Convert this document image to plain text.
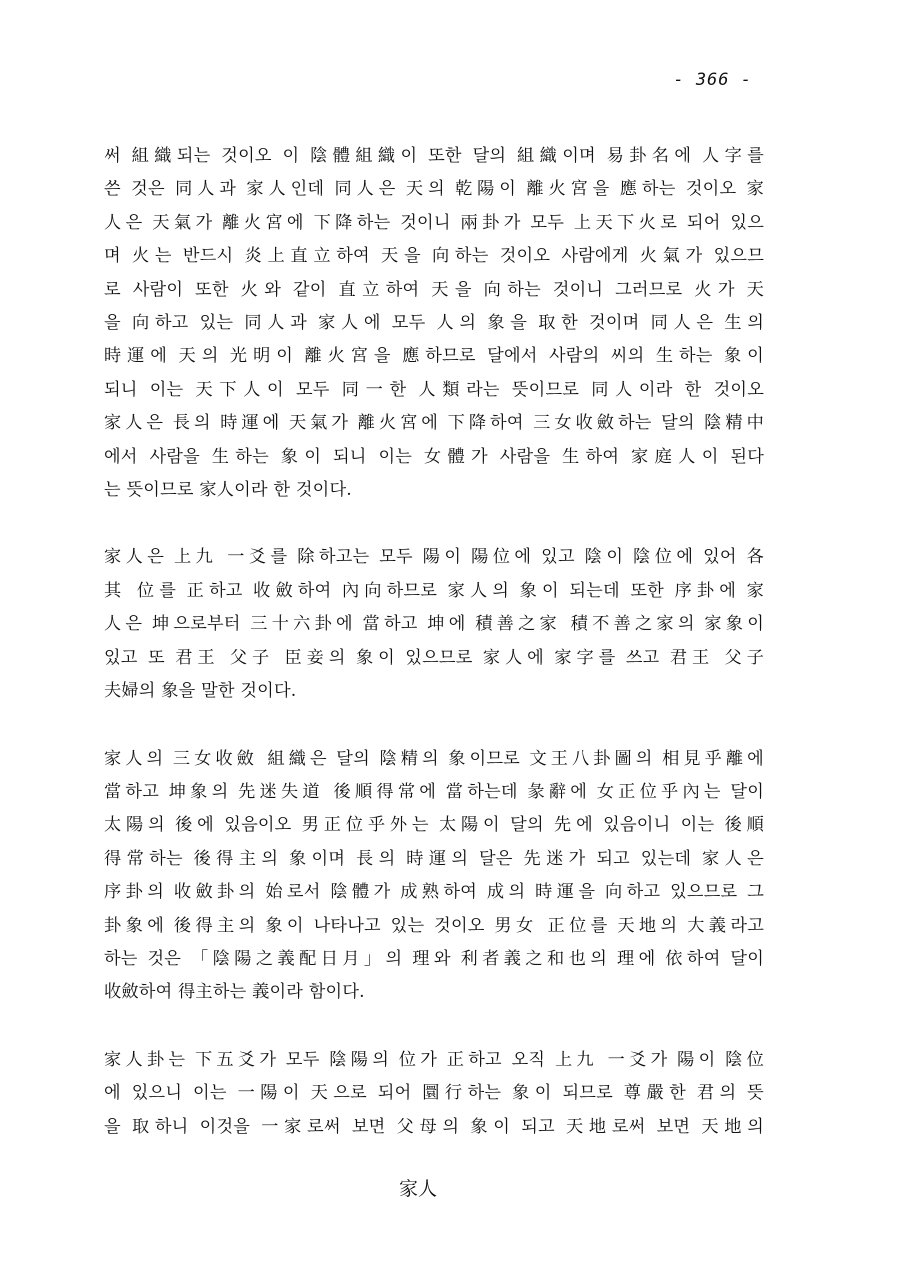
- 366 -

써 組織되는 것이오 이 陰體組織이 또한 달의 組織이며 易卦名에 人字를
쓴 것은 同人과 家人인데 同人은 天의 乾陽이 離火宮을 應하는 것이오 家
人은 天氣가 離火宮에 下降하는 것이니 兩卦가 모두 上天下火로 되어 있으
며 火는 반드시 炎上直立하여 天을 向하는 것이오 사람에게 火氣가 있으므
로 사람이 또한 火와 같이 直立하여 天을 向하는 것이니 그러므로 火가 天
을 向하고 있는 同人과 家人에 모두 人의 象을 取한 것이며 同人은 生의
時運에 天의 光明이 離火宮을 應하므로 달에서 사람의 씨의 生하는 象이
되니 이는 天下人이 모두 同一한 人類라는 뜻이므로 同人이라 한 것이오
家人은 長의 時運에 天氣가 離火宮에 下降하여 三女收斂하는 달의 陰精中
에서 사람을 生하는 象이 되니 이는 女體가 사람을 生하여 家庭人이 된다
는 뜻이므로 家人이라 한 것이다.

家人은 上九 一爻를 除하고는 모두 陽이 陽位에 있고 陰이 陰位에 있어 各
其 位를 正하고 收斂하여 內向하므로 家人의 象이 되는데 또한 序卦에 家
人은 坤으로부터 三十六卦에 當하고 坤에 積善之家 積不善之家의 家象이
있고 또 君王 父子 臣妾의 象이 있으므로 家人에 家字를 쓰고 君王 父子
夫婦의 象을 말한 것이다.

家人의 三女收斂 組織은 달의 陰精의 象이므로 文王八卦圖의 相見乎離에
當하고 坤象의 先迷失道 後順得常에 當하는데 彖辭에 女正位乎內는 달이
太陽의 後에 있음이오 男正位乎外는 太陽이 달의 先에 있음이니 이는 後順
得常하는 後得主의 象이며 長의 時運의 달은 先迷가 되고 있는데 家人은
序卦의 收斂卦의 始로서 陰體가 成熟하여 成의 時運을 向하고 있으므로 그
卦象에 後得主의 象이 나타나고 있는 것이오 男女 正位를 天地의 大義라고
하는 것은 「陰陽之義配日月」의 理와 利者義之和也의 理에 依하여 달이
收斂하여 得主하는 義이라 함이다.

家人卦는 下五爻가 모두 陰陽의 位가 正하고 오직 上九 一爻가 陽이 陰位
에 있으니 이는 一陽이 天으로 되어 圜行하는 象이 되므로 尊嚴한 君의 뜻
을 取하니 이것을 一家로써 보면 父母의 象이 되고 天地로써 보면 天地의

家人
